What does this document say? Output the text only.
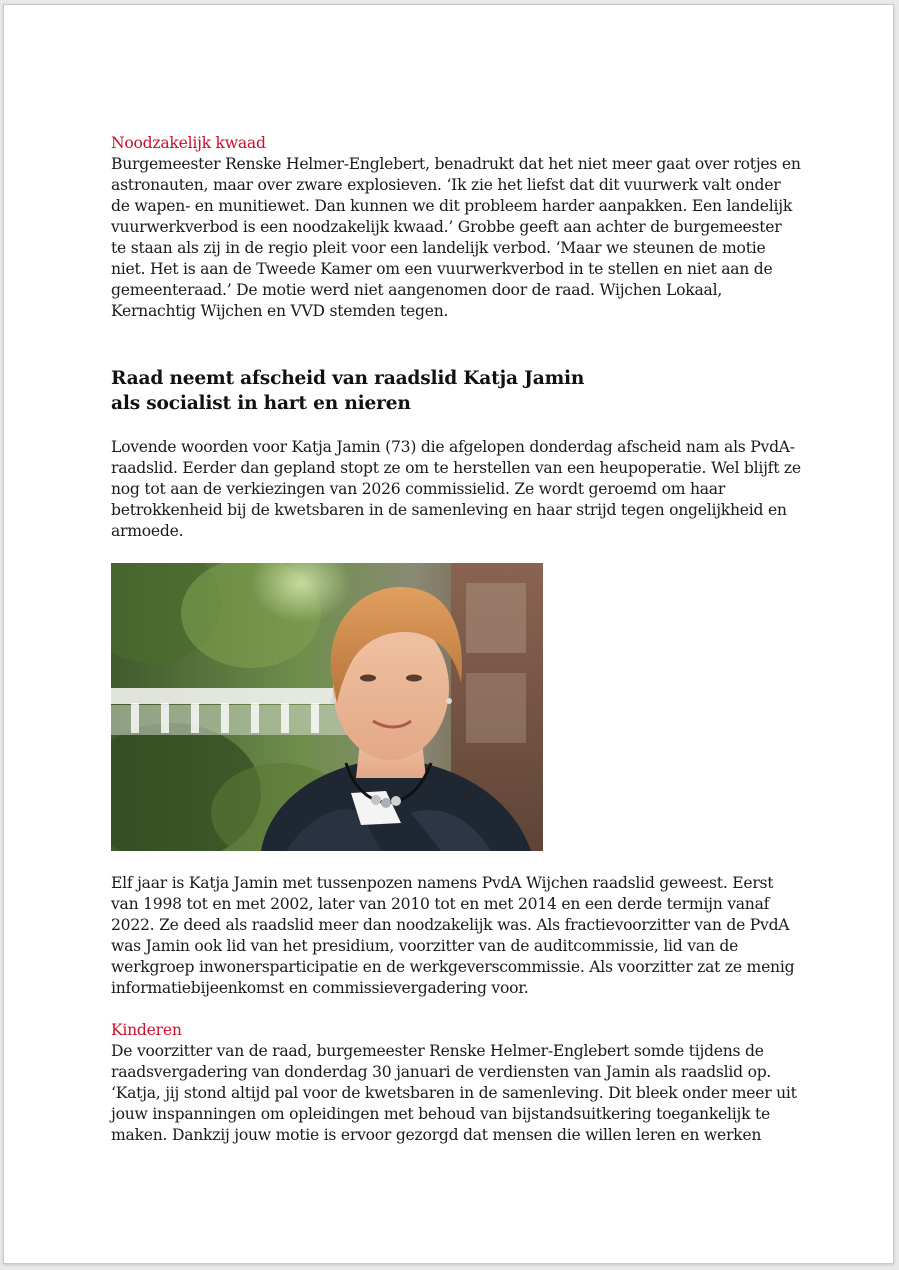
Noodzakelijk kwaad

Burgemeester Renske Helmer-Englebert, benadrukt dat het niet meer gaat over rotjes en astronauten, maar over zware explosieven. ‘Ik zie het liefst dat dit vuurwerk valt onder de wapen- en munitiewet. Dan kunnen we dit probleem harder aanpakken. Een landelijk vuurwerkverbod is een noodzakelijk kwaad.’ Grobbe geeft aan achter de burgemeester te staan als zij in de regio pleit voor een landelijk verbod. ‘Maar we steunen de motie niet. Het is aan de Tweede Kamer om een vuurwerkverbod in te stellen en niet aan de gemeenteraad.’ De motie werd niet aangenomen door de raad. Wijchen Lokaal, Kernachtig Wijchen en VVD stemden tegen.

Raad neemt afscheid van raadslid Katja Jamin
als socialist in hart en nieren

Lovende woorden voor Katja Jamin (73) die afgelopen donderdag afscheid nam als PvdA-raadslid. Eerder dan gepland stopt ze om te herstellen van een heupoperatie. Wel blijft ze nog tot aan de verkiezingen van 2026 commissielid. Ze wordt geroemd om haar betrokkenheid bij de kwetsbaren in de samenleving en haar strijd tegen ongelijkheid en armoede.

Elf jaar is Katja Jamin met tussenpozen namens PvdA Wijchen raadslid geweest. Eerst van 1998 tot en met 2002, later van 2010 tot en met 2014 en een derde termijn vanaf 2022. Ze deed als raadslid meer dan noodzakelijk was. Als fractievoorzitter van de PvdA was Jamin ook lid van het presidium, voorzitter van de auditcommissie, lid van de werkgroep inwonersparticipatie en de werkgeverscommissie. Als voorzitter zat ze menig informatiebijeenkomst en commissievergadering voor.

Kinderen

De voorzitter van de raad, burgemeester Renske Helmer-Englebert somde tijdens de raadsvergadering van donderdag 30 januari de verdiensten van Jamin als raadslid op. ‘Katja, jij stond altijd pal voor de kwetsbaren in de samenleving. Dit bleek onder meer uit jouw inspanningen om opleidingen met behoud van bijstandsuitkering toegankelijk te maken. Dankzij jouw motie is ervoor gezorgd dat mensen die willen leren en werken
